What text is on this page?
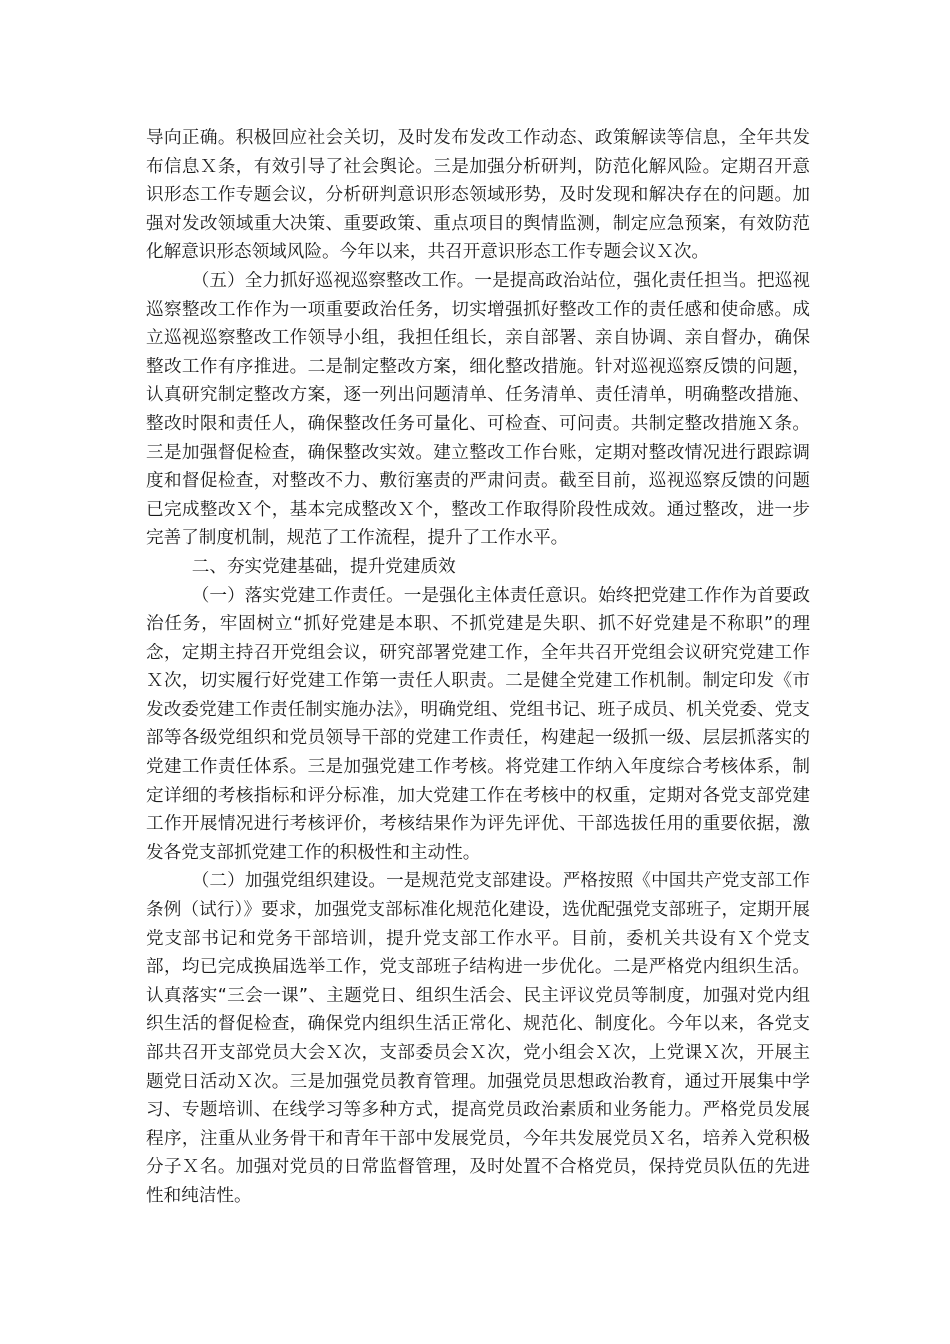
导向正确。积极回应社会关切，及时发布发改工作动态、政策解读等信息，全年共发布信息Ｘ条，有效引导了社会舆论。三是加强分析研判，防范化解风险。定期召开意识形态工作专题会议，分析研判意识形态领域形势，及时发现和解决存在的问题。加强对发改领域重大决策、重要政策、重点项目的舆情监测，制定应急预案，有效防范化解意识形态领域风险。今年以来，共召开意识形态工作专题会议Ｘ次。

（五）全力抓好巡视巡察整改工作。一是提高政治站位，强化责任担当。把巡视巡察整改工作作为一项重要政治任务，切实增强抓好整改工作的责任感和使命感。成立巡视巡察整改工作领导小组，我担任组长，亲自部署、亲自协调、亲自督办，确保整改工作有序推进。二是制定整改方案，细化整改措施。针对巡视巡察反馈的问题，认真研究制定整改方案，逐一列出问题清单、任务清单、责任清单，明确整改措施、整改时限和责任人，确保整改任务可量化、可检查、可问责。共制定整改措施Ｘ条。三是加强督促检查，确保整改实效。建立整改工作台账，定期对整改情况进行跟踪调度和督促检查，对整改不力、敷衍塞责的严肃问责。截至目前，巡视巡察反馈的问题已完成整改Ｘ个，基本完成整改Ｘ个，整改工作取得阶段性成效。通过整改，进一步完善了制度机制，规范了工作流程，提升了工作水平。

二、夯实党建基础，提升党建质效

（一）落实党建工作责任。一是强化主体责任意识。始终把党建工作作为首要政治任务，牢固树立“抓好党建是本职、不抓党建是失职、抓不好党建是不称职”的理念，定期主持召开党组会议，研究部署党建工作，全年共召开党组会议研究党建工作Ｘ次，切实履行好党建工作第一责任人职责。二是健全党建工作机制。制定印发《市发改委党建工作责任制实施办法》，明确党组、党组书记、班子成员、机关党委、党支部等各级党组织和党员领导干部的党建工作责任，构建起一级抓一级、层层抓落实的党建工作责任体系。三是加强党建工作考核。将党建工作纳入年度综合考核体系，制定详细的考核指标和评分标准，加大党建工作在考核中的权重，定期对各党支部党建工作开展情况进行考核评价，考核结果作为评先评优、干部选拔任用的重要依据，激发各党支部抓党建工作的积极性和主动性。

（二）加强党组织建设。一是规范党支部建设。严格按照《中国共产党支部工作条例（试行）》要求，加强党支部标准化规范化建设，选优配强党支部班子，定期开展党支部书记和党务干部培训，提升党支部工作水平。目前，委机关共设有Ｘ个党支部，均已完成换届选举工作，党支部班子结构进一步优化。二是严格党内组织生活。认真落实“三会一课”、主题党日、组织生活会、民主评议党员等制度，加强对党内组织生活的督促检查，确保党内组织生活正常化、规范化、制度化。今年以来，各党支部共召开支部党员大会Ｘ次，支部委员会Ｘ次，党小组会Ｘ次，上党课Ｘ次，开展主题党日活动Ｘ次。三是加强党员教育管理。加强党员思想政治教育，通过开展集中学习、专题培训、在线学习等多种方式，提高党员政治素质和业务能力。严格党员发展程序，注重从业务骨干和青年干部中发展党员，今年共发展党员Ｘ名，培养入党积极分子Ｘ名。加强对党员的日常监督管理，及时处置不合格党员，保持党员队伍的先进性和纯洁性。
